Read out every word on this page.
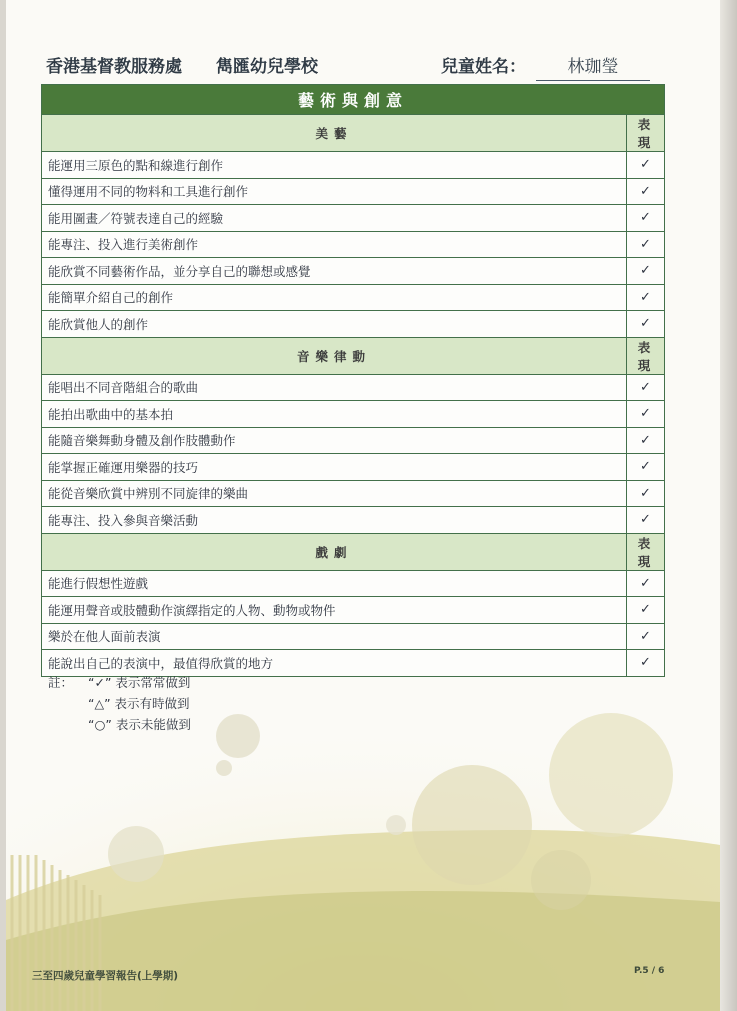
香港基督教服務處 雋匯幼兒學校	兒童姓名：	林珈瑩
藝術與創意	
美藝	表現
能運用三原色的點和線進行創作	✓
懂得運用不同的物料和工具進行創作	✓
能用圖畫／符號表達自己的經驗	✓
能專注、投入進行美術創作	✓
能欣賞不同藝術作品，並分享自己的聯想或感覺	✓
能簡單介紹自己的創作	✓
能欣賞他人的創作	✓
音樂律動	表現
能唱出不同音階組合的歌曲	✓
能拍出歌曲中的基本拍	✓
能隨音樂舞動身體及創作肢體動作	✓
能掌握正確運用樂器的技巧	✓
能從音樂欣賞中辨別不同旋律的樂曲	✓
能專注、投入參與音樂活動	✓
戲劇	表現
能進行假想性遊戲	✓
能運用聲音或肢體動作演繹指定的人物、動物或物件	✓
樂於在他人面前表演	✓
能說出自己的表演中，最值得欣賞的地方	✓
註： “✓” 表示常常做到
“△” 表示有時做到
“○” 表示未能做到
三至四歲兒童學習報告(上學期)	P.5 / 6
